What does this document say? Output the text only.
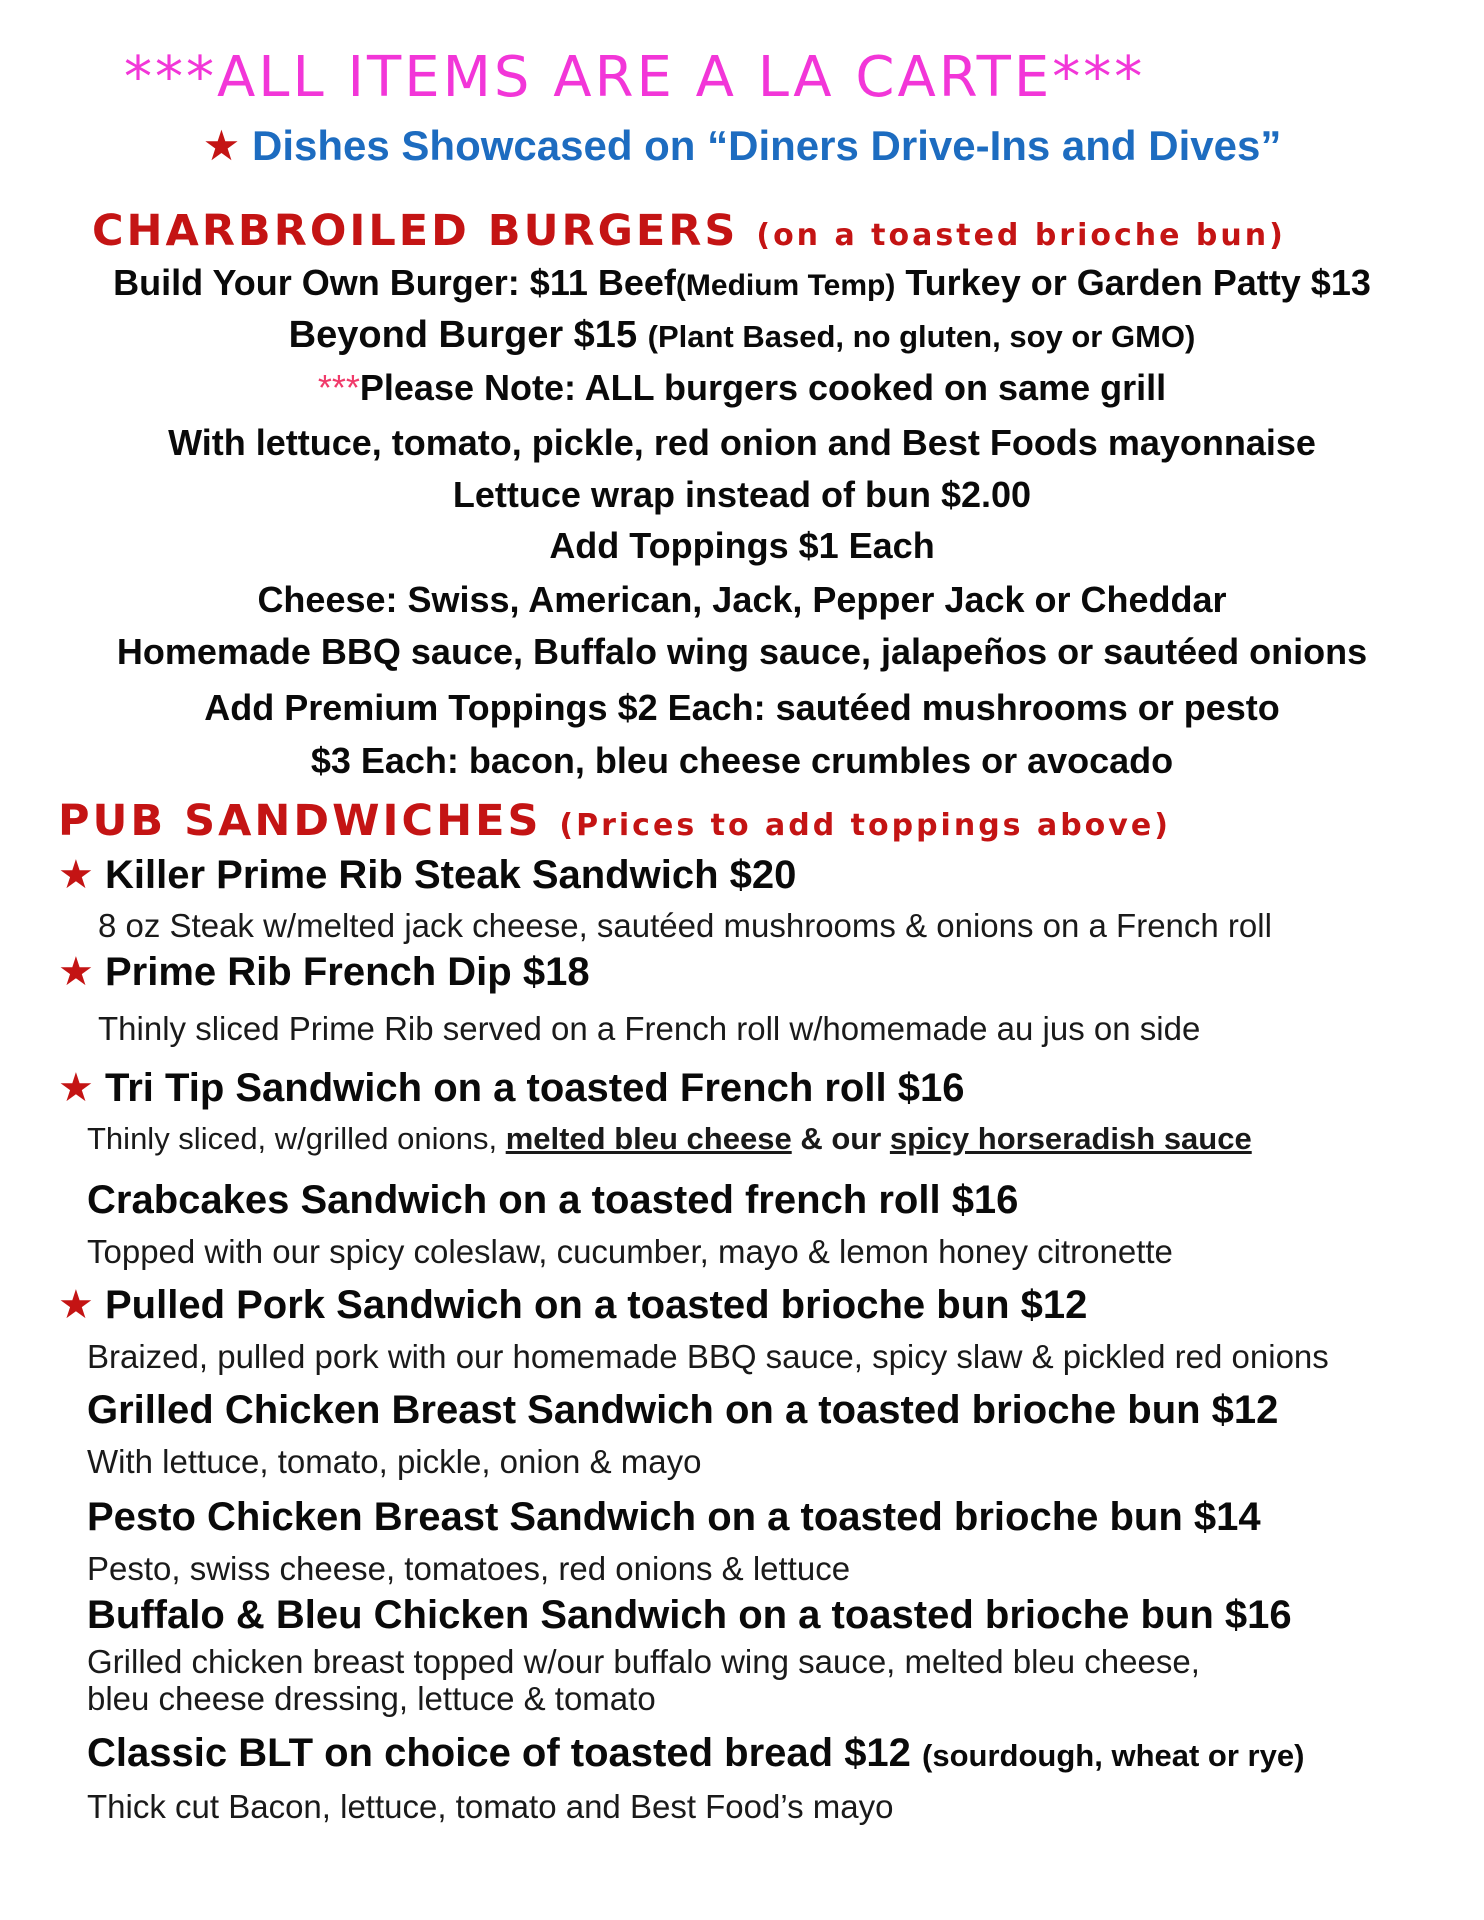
***ALL ITEMS ARE A LA CARTE***
★ Dishes Showcased on “Diners Drive-Ins and Dives”
CHARBROILED BURGERS (on a toasted brioche bun)
Build Your Own Burger: $11 Beef(Medium Temp) Turkey or Garden Patty $13
Beyond Burger $15 (Plant Based, no gluten, soy or GMO)
***Please Note: ALL burgers cooked on same grill
With lettuce, tomato, pickle, red onion and Best Foods mayonnaise
Lettuce wrap instead of bun $2.00
Add Toppings $1 Each
Cheese: Swiss, American, Jack, Pepper Jack or Cheddar
Homemade BBQ sauce, Buffalo wing sauce, jalapeños or sautéed onions
Add Premium Toppings $2 Each: sautéed mushrooms or pesto
$3 Each: bacon, bleu cheese crumbles or avocado
PUB SANDWICHES (Prices to add toppings above)
★ Killer Prime Rib Steak Sandwich $20
8 oz Steak w/melted jack cheese, sautéed mushrooms & onions on a French roll
★ Prime Rib French Dip $18
Thinly sliced Prime Rib served on a French roll w/homemade au jus on side
★ Tri Tip Sandwich on a toasted French roll $16
Thinly sliced, w/grilled onions, melted bleu cheese & our spicy horseradish sauce
Crabcakes Sandwich on a toasted french roll $16
Topped with our spicy coleslaw, cucumber, mayo & lemon honey citronette
★ Pulled Pork Sandwich on a toasted brioche bun $12
Braized, pulled pork with our homemade BBQ sauce, spicy slaw & pickled red onions
Grilled Chicken Breast Sandwich on a toasted brioche bun $12
With lettuce, tomato, pickle, onion & mayo
Pesto Chicken Breast Sandwich on a toasted brioche bun $14
Pesto, swiss cheese, tomatoes, red onions & lettuce
Buffalo & Bleu Chicken Sandwich on a toasted brioche bun $16
Grilled chicken breast topped w/our buffalo wing sauce, melted bleu cheese,
bleu cheese dressing, lettuce & tomato
Classic BLT on choice of toasted bread $12 (sourdough, wheat or rye)
Thick cut Bacon, lettuce, tomato and Best Food’s mayo
